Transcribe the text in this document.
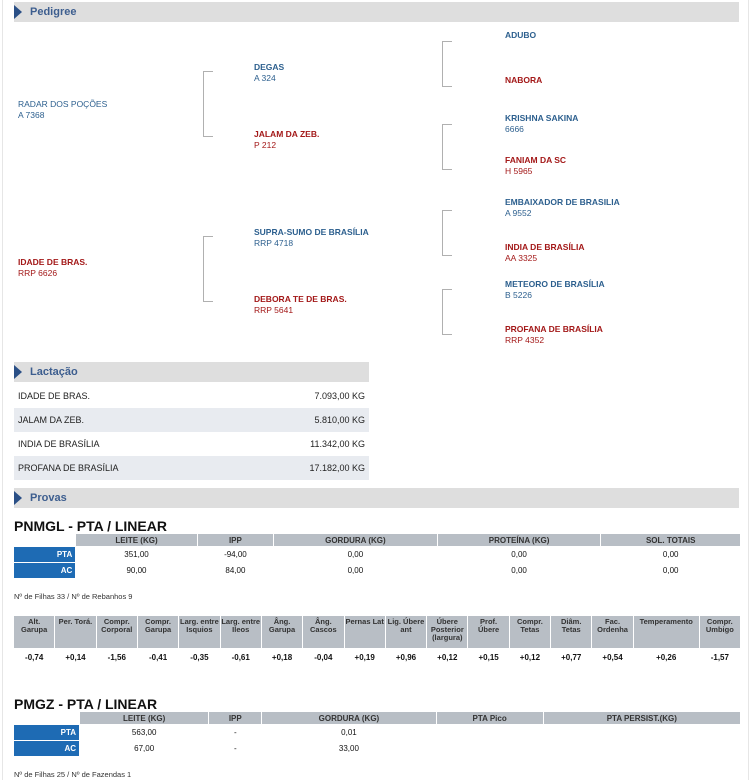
Pedigree
RADAR DOS POÇÕES
A 7368
IDADE DE BRAS.
RRP 6626
DEGAS
A 324
JALAM DA ZEB.
P 212
SUPRA-SUMO DE BRASÍLIA
RRP 4718
DEBORA TE DE BRAS.
RRP 5641
ADUBO
NABORA
KRISHNA SAKINA
6666
FANIAM DA SC
H 5965
EMBAIXADOR DE BRASILIA
A 9552
INDIA DE BRASÍLIA
AA 3325
METEORO DE BRASÍLIA
B 5226
PROFANA DE BRASÍLIA
RRP 4352
Lactação
IDADE DE BRAS.	7.093,00 KG
JALAM DA ZEB.	5.810,00 KG
INDIA DE BRASÍLIA	11.342,00 KG
PROFANA DE BRASÍLIA	17.182,00 KG
Provas
PNMGL - PTA / LINEAR
	LEITE (KG)	IPP	GORDURA (KG)	PROTEÍNA (KG)	SOL. TOTAIS
PTA	351,00	-94,00	0,00	0,00	0,00
AC	90,00	84,00	0,00	0,00	0,00
Nº de Filhas 33 / Nº de Rebanhos 9
Alt. Garupa	Per. Torá.	Compr. Corporal	Compr. Garupa	Larg. entre Isquios	Larg. entre Ileos	Âng. Garupa	Âng. Cascos	Pernas Lat	Lig. Úbere ant	Úbere Posterior (largura)	Prof. Úbere	Compr. Tetas	Diâm. Tetas	Fac. Ordenha	Temperamento	Compr. Umbigo
-0,74	+0,14	-1,56	-0,41	-0,35	-0,61	+0,18	-0,04	+0,19	+0,96	+0,12	+0,15	+0,12	+0,77	+0,54	+0,26	-1,57
PMGZ - PTA / LINEAR
	LEITE (KG)	IPP	GORDURA (KG)	PTA Pico	PTA PERSIST.(KG)
PTA	563,00	-	0,01		
AC	67,00	-	33,00		
Nº de Filhas 25 / Nº de Fazendas 1
